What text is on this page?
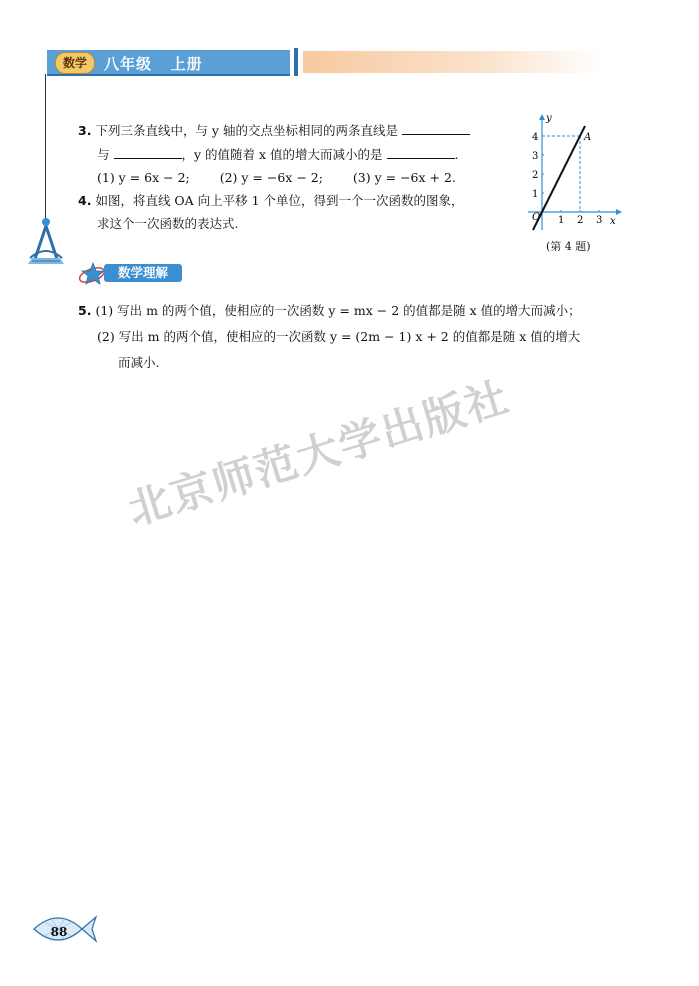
数学	八年级   上册
3. 下列三条直线中，与 y 轴的交点坐标相同的两条直线是
与	，y 的值随着 x 值的增大而减小的是	.
(1) y = 6x − 2; (2) y = −6x − 2; (3) y = −6x + 2.
4. 如图，将直线 OA 向上平移 1 个单位，得到一个一次函数的图象，
求这个一次函数的表达式.
y
x
O
A
1 2 3
1
2
3
4
(第 4 题)
数学理解
5. (1) 写出 m 的两个值，使相应的一次函数 y = mx − 2 的值都是随 x 值的增大而减小；
(2) 写出 m 的两个值，使相应的一次函数 y = (2m − 1) x + 2 的值都是随 x 值的增大
而减小.
北京师范大学出版社
88
